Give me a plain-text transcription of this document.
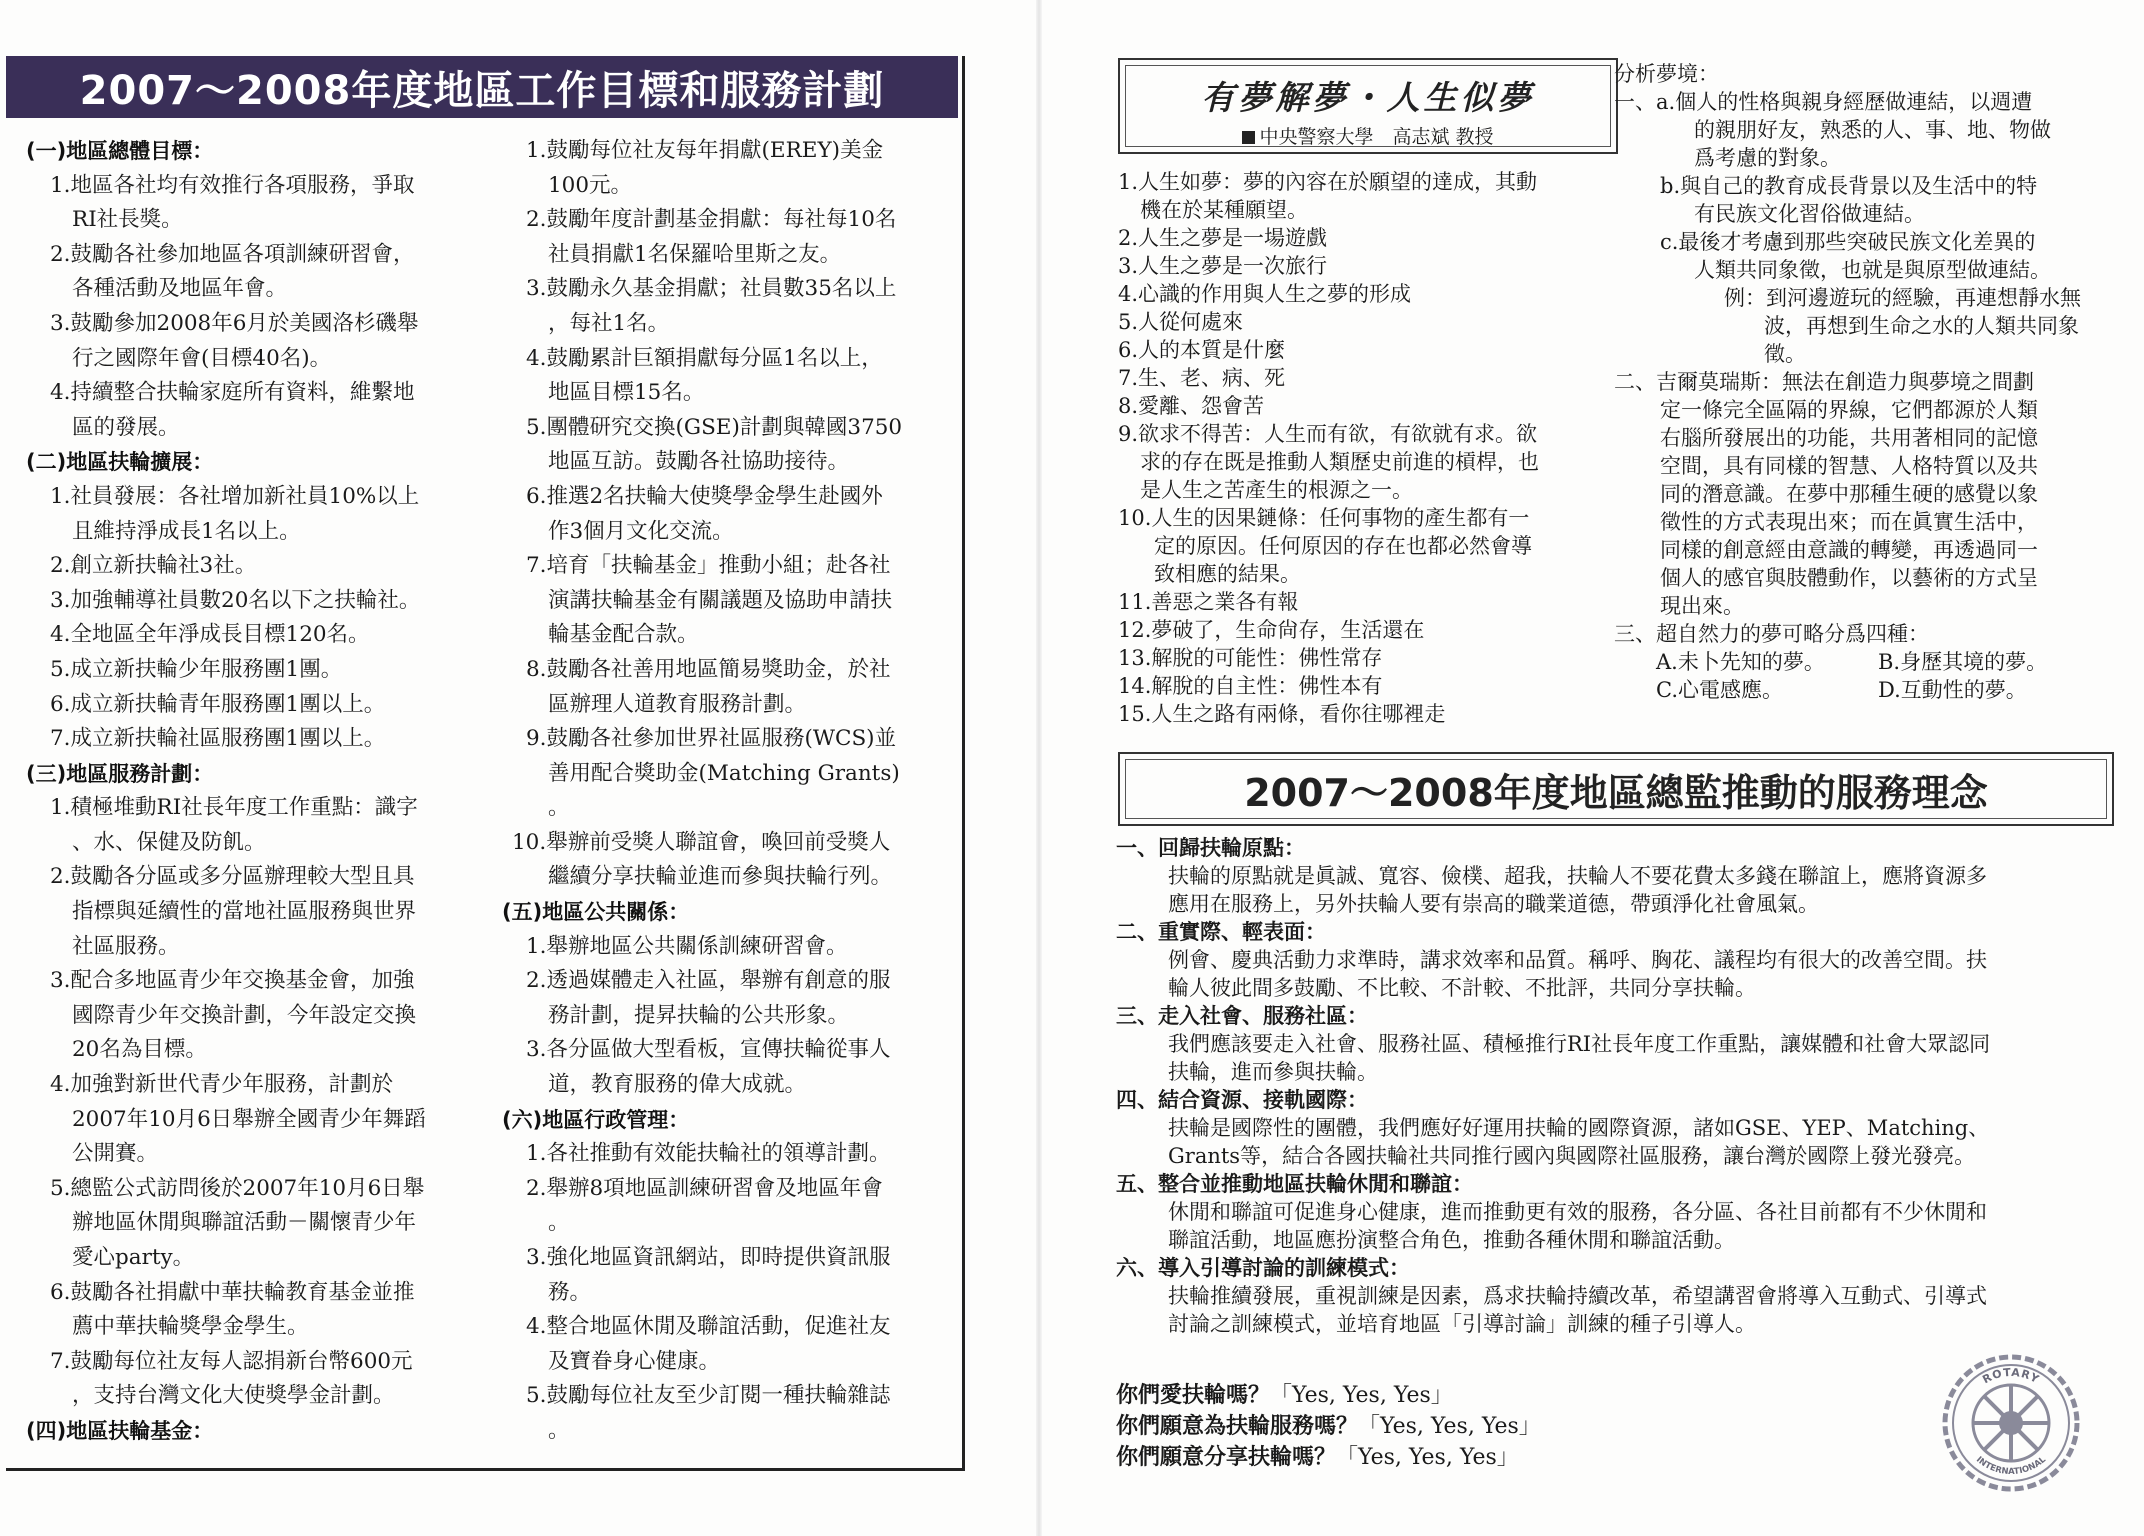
2007～2008年度地區工作目標和服務計劃
(一)地區總體目標：
1. 地區各社均有效推行各項服務，爭取
RI社長獎。
2. 鼓勵各社參加地區各項訓練研習會，
各種活動及地區年會。
3. 鼓勵參加2008年6月於美國洛杉磯舉
行之國際年會(目標40名)。
4. 持續整合扶輪家庭所有資料，維繫地
區的發展。
(二)地區扶輪擴展：
1. 社員發展：各社增加新社員10%以上
且維持淨成長1名以上。
2. 創立新扶輪社3社。
3. 加強輔導社員數20名以下之扶輪社。
4. 全地區全年淨成長目標120名。
5. 成立新扶輪少年服務團1團。
6. 成立新扶輪青年服務團1團以上。
7. 成立新扶輪社區服務團1團以上。
(三)地區服務計劃：
1. 積極堆動RI社長年度工作重點：識字
、水、保健及防飢。
2. 鼓勵各分區或多分區辦理較大型且具
指標與延續性的當地社區服務與世界
社區服務。
3. 配合多地區青少年交換基金會，加強
國際青少年交換計劃，今年設定交換
20名為目標。
4. 加強對新世代青少年服務，計劃於
2007年10月6日舉辦全國青少年舞蹈
公開賽。
5. 總監公式訪問後於2007年10月6日舉
辦地區休閒與聯誼活動－關懷青少年
愛心party。
6. 鼓勵各社捐獻中華扶輪教育基金並推
薦中華扶輪獎學金學生。
7. 鼓勵每位社友每人認捐新台幣600元
，支持台灣文化大使獎學金計劃。
(四)地區扶輪基金：
1. 鼓勵每位社友每年捐獻(EREY)美金
100元。
2. 鼓勵年度計劃基金捐獻：每社每10名
社員捐獻1名保羅哈里斯之友。
3. 鼓勵永久基金捐獻；社員數35名以上
，每社1名。
4. 鼓勵累計巨額捐獻每分區1名以上，
地區目標15名。
5. 團體研究交換(GSE)計劃與韓國3750
地區互訪。鼓勵各社協助接待。
6. 推選2名扶輪大使獎學金學生赴國外
作3個月文化交流。
7. 培育「扶輪基金」推動小組；赴各社
演講扶輪基金有關議題及協助申請扶
輪基金配合款。
8. 鼓勵各社善用地區簡易獎助金，於社
區辦理人道教育服務計劃。
9. 鼓勵各社參加世界社區服務(WCS)並
善用配合獎助金(Matching Grants)
。
10. 舉辦前受獎人聯誼會，喚回前受獎人
繼續分享扶輪並進而參與扶輪行列。
(五)地區公共關係：
1. 舉辦地區公共關係訓練研習會。
2. 透過媒體走入社區，舉辦有創意的服
務計劃，提昇扶輪的公共形象。
3. 各分區做大型看板，宣傳扶輪從事人
道，教育服務的偉大成就。
(六)地區行政管理：
1. 各社推動有效能扶輪社的領導計劃。
2. 舉辦8項地區訓練研習會及地區年會
。
3. 強化地區資訊網站，即時提供資訊服
務。
4. 整合地區休閒及聯誼活動，促進社友
及寶眷身心健康。
5. 鼓勵每位社友至少訂閱一種扶輪雜誌
。
有夢解夢・人生似夢
中央警察大學　高志斌 教授
1. 人生如夢：夢的內容在於願望的達成，其動
機在於某種願望。
2. 人生之夢是一場遊戲
3. 人生之夢是一次旅行
4. 心識的作用與人生之夢的形成
5. 人從何處來
6. 人的本質是什麼
7. 生、老、病、死
8. 愛離、怨會苦
9. 欲求不得苦：人生而有欲，有欲就有求。欲
求的存在既是推動人類歷史前進的槓桿，也
是人生之苦產生的根源之一。
10. 人生的因果鏈條：任何事物的產生都有一
定的原因。任何原因的存在也都必然會導
致相應的結果。
11. 善惡之業各有報
12. 夢破了，生命尙存，生活還在
13. 解脫的可能性：佛性常存
14. 解脫的自主性：佛性本有
15. 人生之路有兩條，看你往哪裡走
分析夢境：
一、a.個人的性格與親身經歷做連結，以週遭
的親朋好友，熟悉的人、事、地、物做
爲考慮的對象。
b.與自己的教育成長背景以及生活中的特
有民族文化習俗做連結。
c.最後才考慮到那些突破民族文化差異的
人類共同象徵，也就是與原型做連結。
例：到河邊遊玩的經驗，再連想靜水無
波，再想到生命之水的人類共同象
徵。
二、吉爾莫瑞斯：無法在創造力與夢境之間劃
定一條完全區隔的界線，它們都源於人類
右腦所發展出的功能，共用著相同的記憶
空間，具有同樣的智慧、人格特質以及共
同的潛意識。在夢中那種生硬的感覺以象
徵性的方式表現出來；而在眞實生活中，
同樣的創意經由意識的轉變，再透過同一
個人的感官與肢體動作，以藝術的方式呈
現出來。
三、超自然力的夢可略分爲四種：
A.未卜先知的夢。	B.身歷其境的夢。
C.心電感應。	D.互動性的夢。
2007～2008年度地區總監推動的服務理念
一、回歸扶輪原點：
扶輪的原點就是眞誠、寬容、儉樸、超我，扶輪人不要花費太多錢在聯誼上，應將資源多
應用在服務上，另外扶輪人要有崇高的職業道德，帶頭淨化社會風氣。
二、重實際、輕表面：
例會、慶典活動力求準時，講求效率和品質。稱呼、胸花、議程均有很大的改善空間。扶
輪人彼此間多鼓勵、不比較、不計較、不批評，共同分享扶輪。
三、走入社會、服務社區：
我們應該要走入社會、服務社區、積極推行RI社長年度工作重點，讓媒體和社會大眾認同
扶輪，進而參與扶輪。
四、結合資源、接軌國際：
扶輪是國際性的團體，我們應好好運用扶輪的國際資源，諸如GSE、YEP、Matching、
Grants等，結合各國扶輪社共同推行國內與國際社區服務，讓台灣於國際上發光發亮。
五、整合並推動地區扶輪休閒和聯誼：
休閒和聯誼可促進身心健康，進而推動更有效的服務，各分區、各社目前都有不少休閒和
聯誼活動，地區應扮演整合角色，推動各種休閒和聯誼活動。
六、導入引導討論的訓練模式：
扶輪推續發展，重視訓練是因素，爲求扶輪持續改革，希望講習會將導入互動式、引導式
討論之訓練模式，並培育地區「引導討論」訓練的種子引導人。
你們愛扶輪嗎？「Yes, Yes, Yes」
你們願意為扶輪服務嗎？「Yes, Yes, Yes」
你們願意分享扶輪嗎？「Yes, Yes, Yes」
ROTARY
INTERNATIONAL
